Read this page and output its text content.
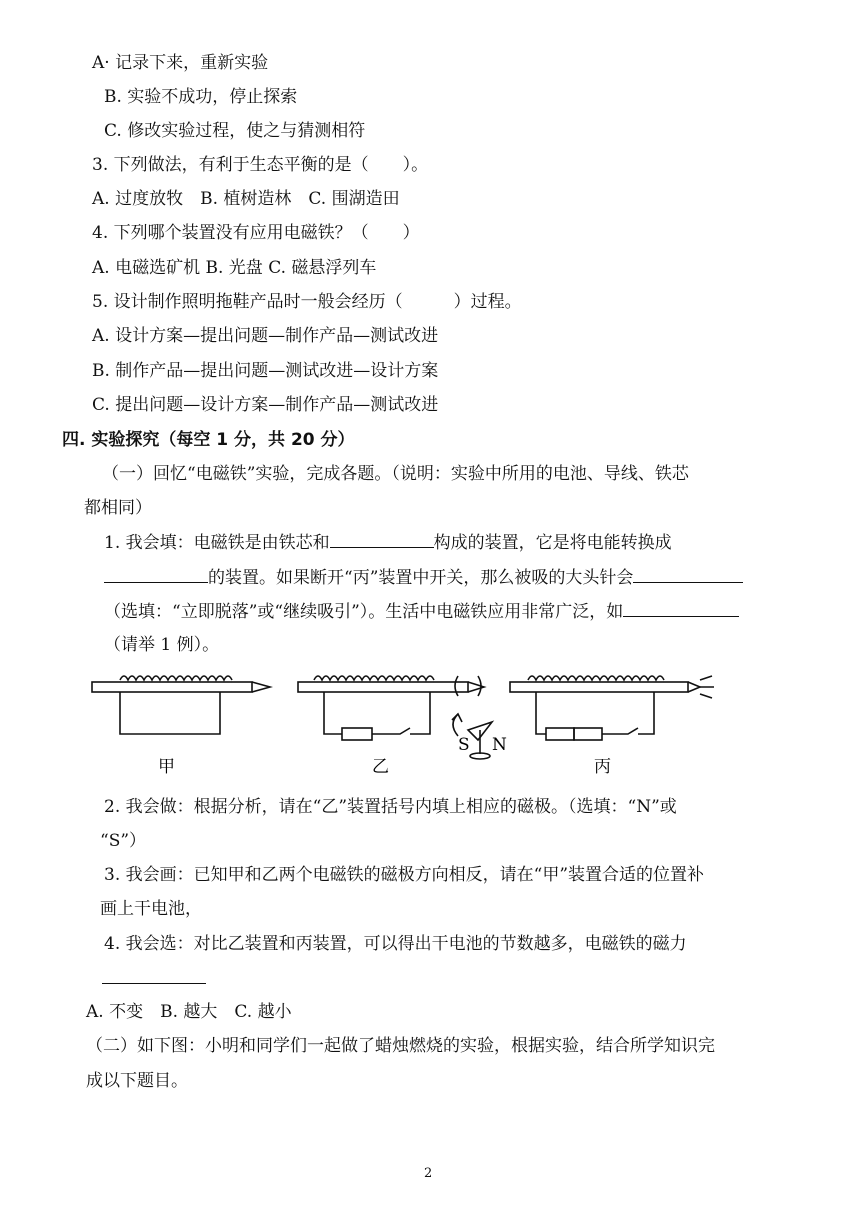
A· 记录下来，重新实验
B. 实验不成功，停止探索
C. 修改实验过程，使之与猜测相符
3. 下列做法，有利于生态平衡的是（　　）。
A. 过度放牧　B. 植树造林　C. 围湖造田
4. 下列哪个装置没有应用电磁铁？（　　）
A. 电磁选矿机 B. 光盘 C. 磁悬浮列车
5. 设计制作照明拖鞋产品时一般会经历（　　　）过程。
A. 设计方案—提出问题—制作产品—测试改进
B. 制作产品—提出问题—测试改进—设计方案
C. 提出问题—设计方案—制作产品—测试改进
四. 实验探究（每空 1 分，共 20 分）
（一）回忆“电磁铁”实验，完成各题。（说明：实验中所用的电池、导线、铁芯
都相同）
1. 我会填：电磁铁是由铁芯和	构成的装置，它是将电能转换成
的装置。如果断开“丙”装置中开关，那么被吸的大头针会
（选填：“立即脱落”或“继续吸引”）。生活中电磁铁应用非常广泛，如
（请举 1 例）。
甲	乙
S N
丙
2. 我会做：根据分析，请在“乙”装置括号内填上相应的磁极。（选填：“N”或
“S”）
3. 我会画：已知甲和乙两个电磁铁的磁极方向相反，请在“甲”装置合适的位置补
画上干电池，
4. 我会选：对比乙装置和丙装置，可以得出干电池的节数越多，电磁铁的磁力
A. 不变　B. 越大　C. 越小
（二）如下图：小明和同学们一起做了蜡烛燃烧的实验，根据实验，结合所学知识完
成以下题目。
2
